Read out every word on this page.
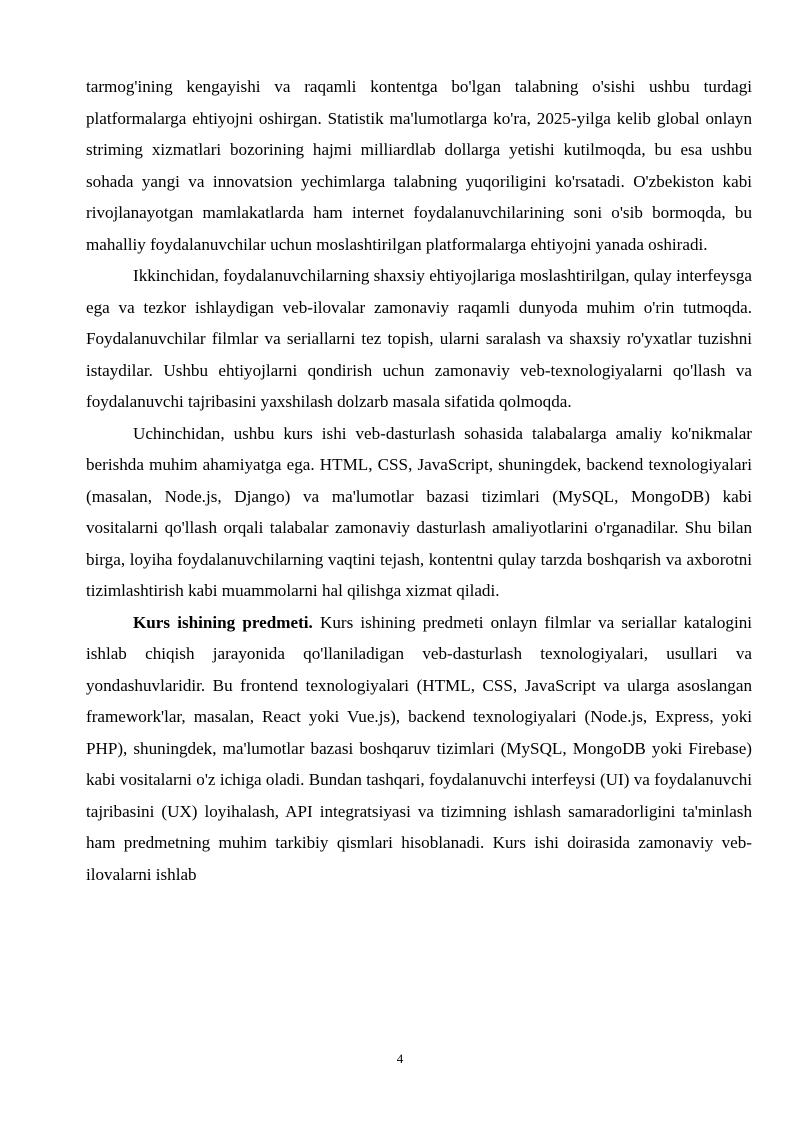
tarmog'ining kengayishi va raqamli kontentga bo'lgan talabning o'sishi ushbu turdagi platformalarga ehtiyojni oshirgan. Statistik ma'lumotlarga ko'ra, 2025-yilga kelib global onlayn striming xizmatlari bozorining hajmi milliardlab dollarga yetishi kutilmoqda, bu esa ushbu sohada yangi va innovatsion yechimlarga talabning yuqoriligini ko'rsatadi. O'zbekiston kabi rivojlanayotgan mamlakatlarda ham internet foydalanuvchilarining soni o'sib bormoqda, bu mahalliy foydalanuvchilar uchun moslashtirilgan platformalarga ehtiyojni yanada oshiradi.

Ikkinchidan, foydalanuvchilarning shaxsiy ehtiyojlariga moslashtirilgan, qulay interfeysga ega va tezkor ishlaydigan veb-ilovalar zamonaviy raqamli dunyoda muhim o'rin tutmoqda. Foydalanuvchilar filmlar va seriallarni tez topish, ularni saralash va shaxsiy ro'yxatlar tuzishni istaydilar. Ushbu ehtiyojlarni qondirish uchun zamonaviy veb-texnologiyalarni qo'llash va foydalanuvchi tajribasini yaxshilash dolzarb masala sifatida qolmoqda.

Uchinchidan, ushbu kurs ishi veb-dasturlash sohasida talabalarga amaliy ko'nikmalar berishda muhim ahamiyatga ega. HTML, CSS, JavaScript, shuningdek, backend texnologiyalari (masalan, Node.js, Django) va ma'lumotlar bazasi tizimlari (MySQL, MongoDB) kabi vositalarni qo'llash orqali talabalar zamonaviy dasturlash amaliyotlarini o'rganadilar. Shu bilan birga, loyiha foydalanuvchilarning vaqtini tejash, kontentni qulay tarzda boshqarish va axborotni tizimlashtirish kabi muammolarni hal qilishga xizmat qiladi.

Kurs ishining predmeti. Kurs ishining predmeti onlayn filmlar va seriallar katalogini ishlab chiqish jarayonida qo'llaniladigan veb-dasturlash texnologiyalari, usullari va yondashuvlaridir. Bu frontend texnologiyalari (HTML, CSS, JavaScript va ularga asoslangan framework'lar, masalan, React yoki Vue.js), backend texnologiyalari (Node.js, Express, yoki PHP), shuningdek, ma'lumotlar bazasi boshqaruv tizimlari (MySQL, MongoDB yoki Firebase) kabi vositalarni o'z ichiga oladi. Bundan tashqari, foydalanuvchi interfeysi (UI) va foydalanuvchi tajribasini (UX) loyihalash, API integratsiyasi va tizimning ishlash samaradorligini ta'minlash ham predmetning muhim tarkibiy qismlari hisoblanadi. Kurs ishi doirasida zamonaviy veb-ilovalarni ishlab

4
